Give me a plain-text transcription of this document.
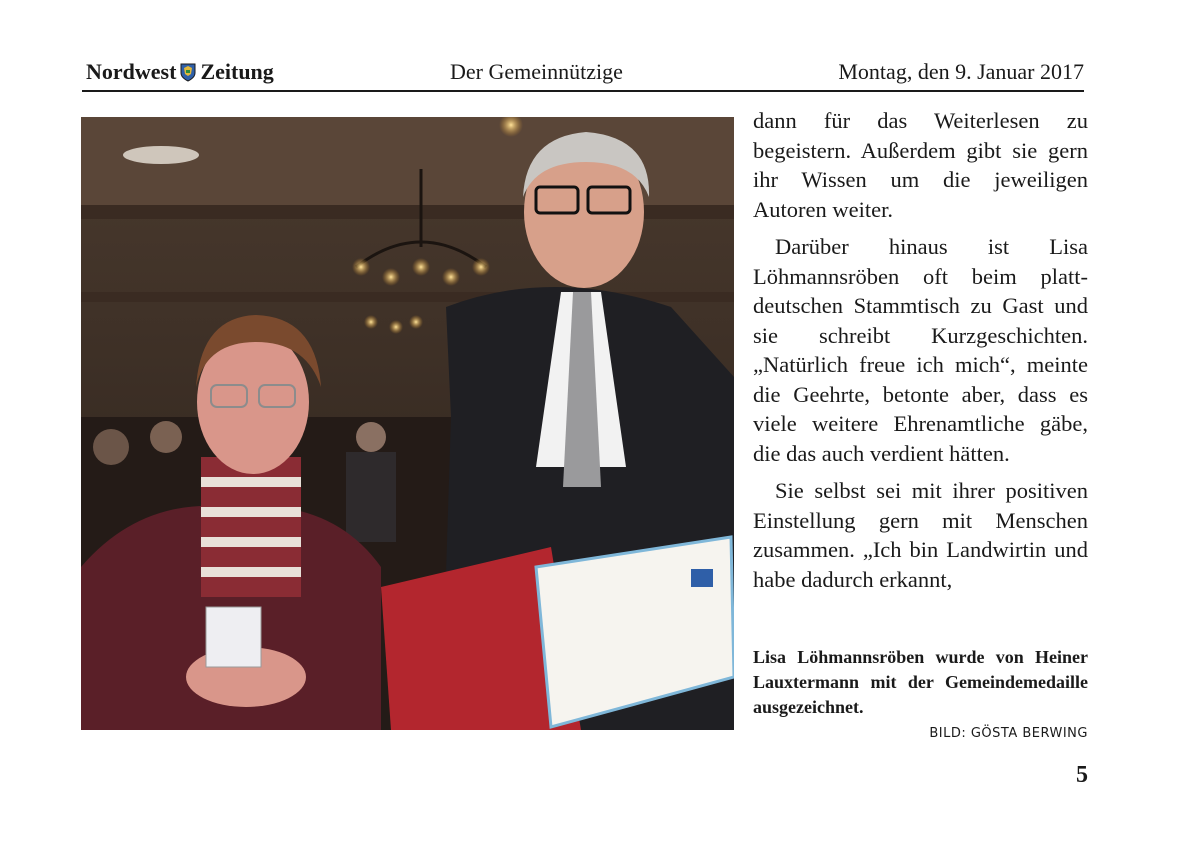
Nordwest Zeitung	Der Gemeinnützige	Montag, den 9. Januar 2017

dann für das Weiterlesen zu begeistern. Außerdem gibt sie gern ihr Wissen um die jeweiligen Autoren weiter.

Darüber hinaus ist Lisa Löhmannsröben oft beim plattdeutschen Stammtisch zu Gast und sie schreibt Kurzgeschichten. „Natürlich freue ich mich“, meinte die Geehrte, betonte aber, dass es viele weitere Ehrenamtliche gäbe, die das auch verdient hätten.

Sie selbst sei mit ihrer positiven Einstellung gern mit Menschen zusammen. „Ich bin Landwirtin und habe dadurch erkannt,

Lisa Löhmannsröben wurde von Heiner Lauxtermann mit der Gemeindemedaille ausgezeichnet.
BILD: GÖSTA BERWING
5
